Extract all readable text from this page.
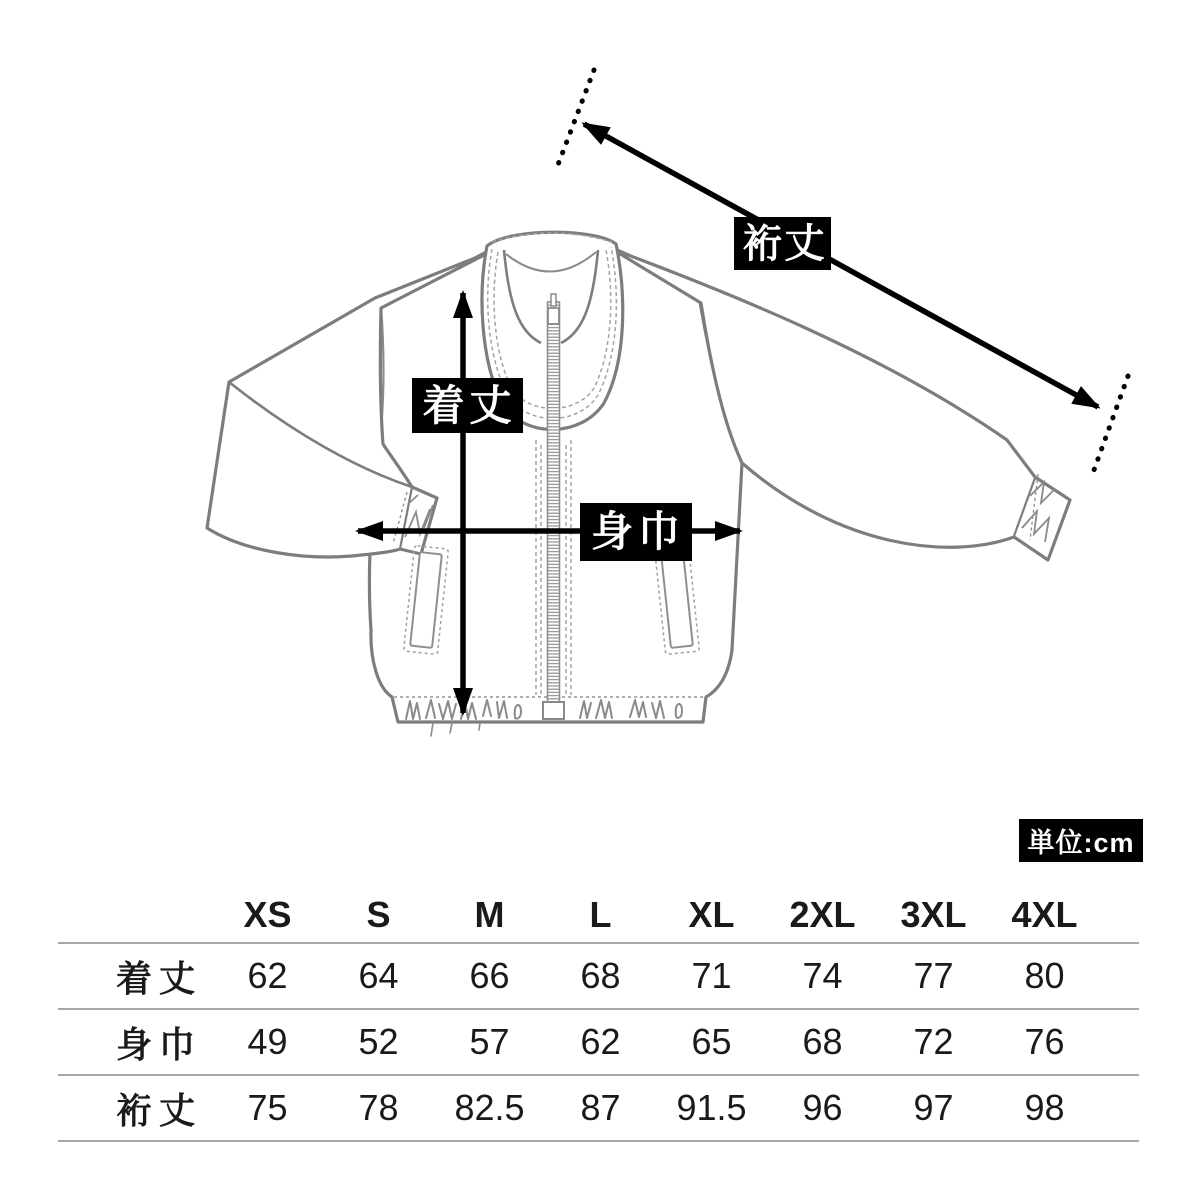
裄丈
着丈
身巾
単位:cm
	XS	S	M	L	XL	2XL	3XL	4XL	
着丈	62	64	66	68	71	74	77	80	
身巾	49	52	57	62	65	68	72	76	
裄丈	75	78	82.5	87	91.5	96	97	98	
